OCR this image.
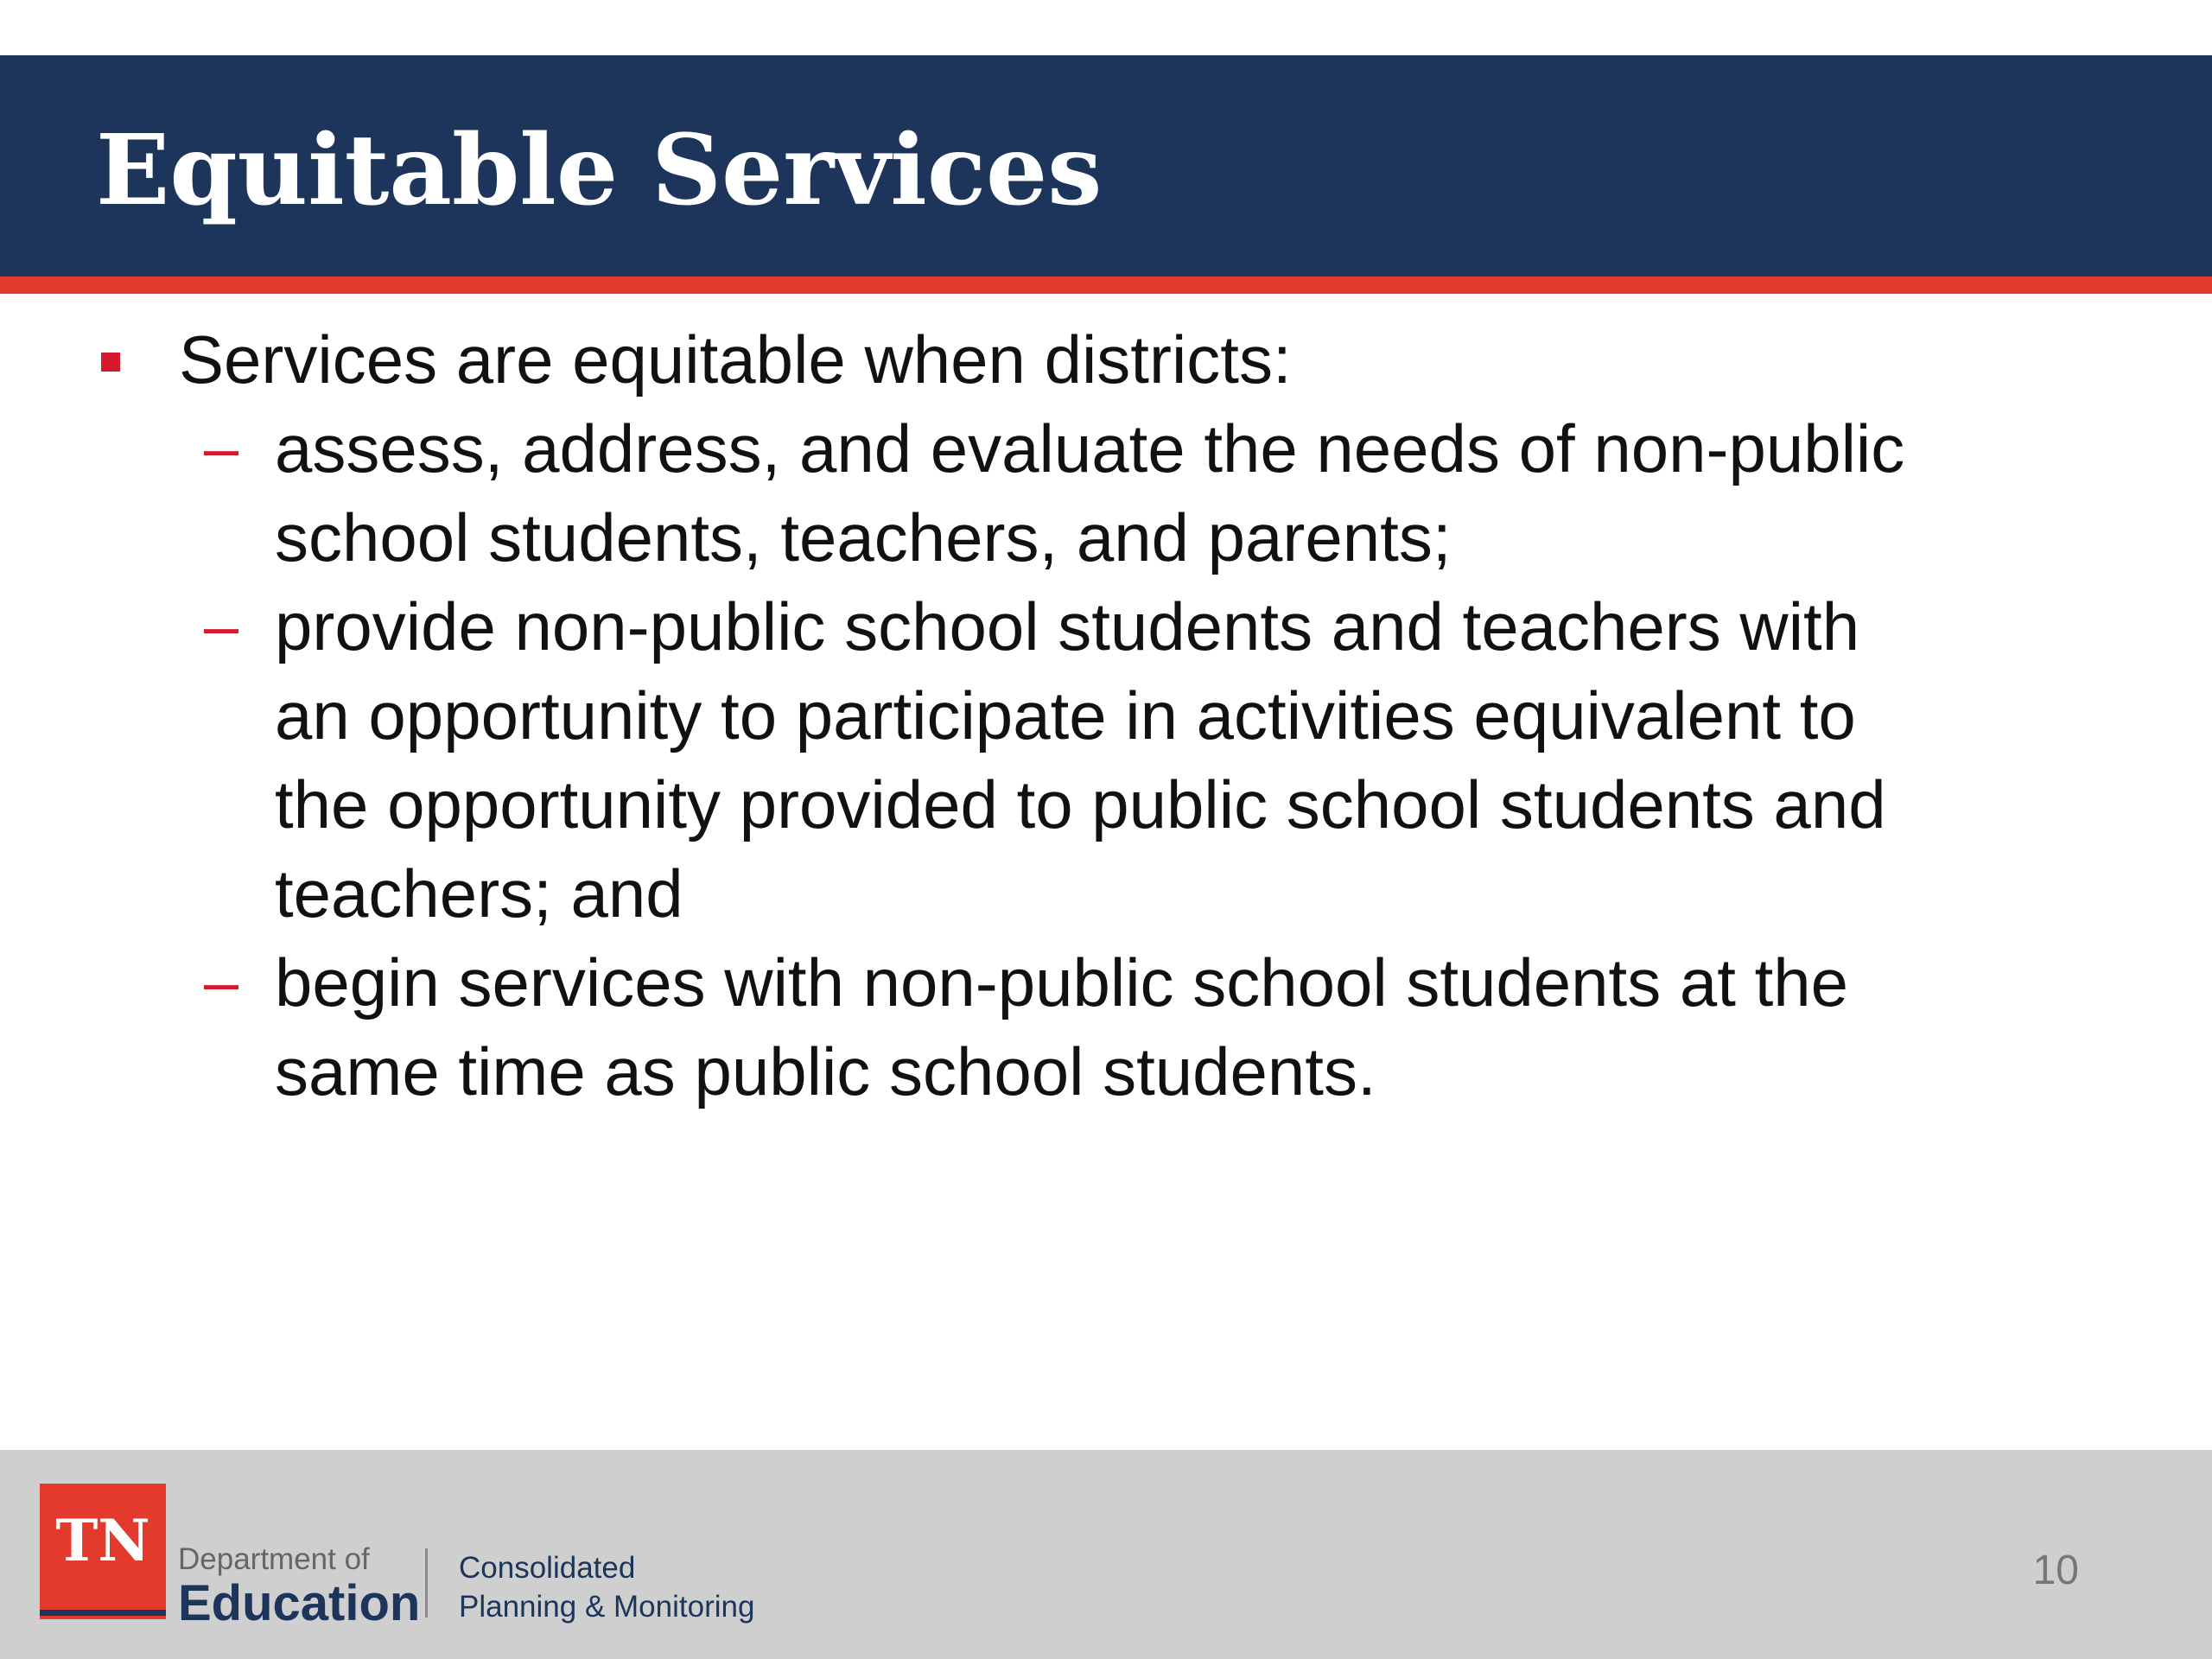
Equitable Services
Services are equitable when districts:
– assess, address, and evaluate the needs of non-public
school students, teachers, and parents;
– provide non-public school students and teachers with
an opportunity to participate in activities equivalent to
the opportunity provided to public school students and
teachers; and
– begin services with non-public school students at the
same time as public school students.
TN Department of
Education
Consolidated
Planning & Monitoring
10
